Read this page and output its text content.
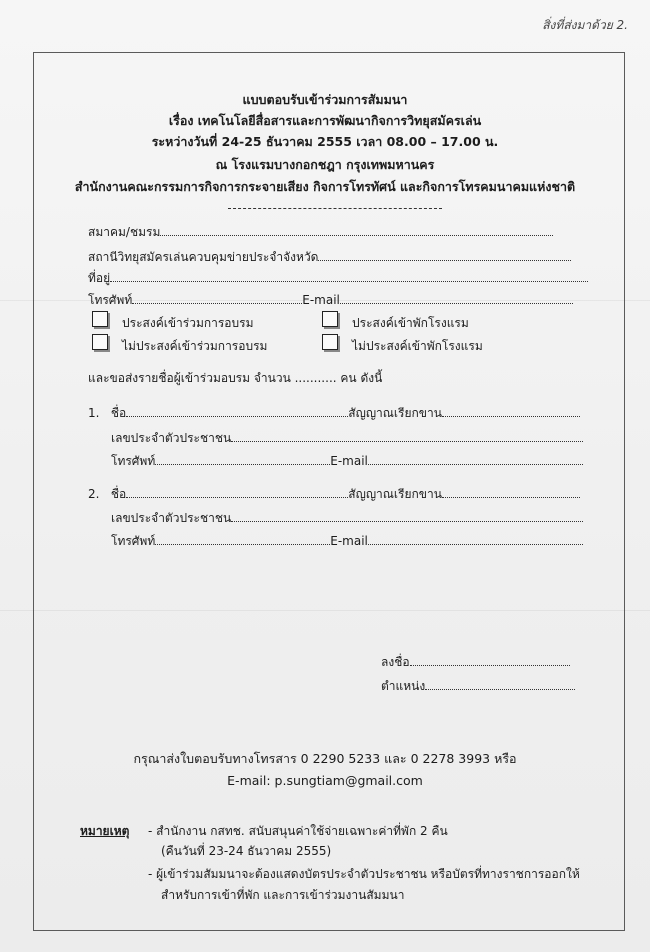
สิ่งที่ส่งมาด้วย 2.
แบบตอบรับเข้าร่วมการสัมมนา
เรื่อง เทคโนโลยีสื่อสารและการพัฒนากิจการวิทยุสมัครเล่น
ระหว่างวันที่ 24-25 ธันวาคม 2555 เวลา 08.00 – 17.00 น.
ณ โรงแรมบางกอกชฎา กรุงเทพมหานคร
สำนักงานคณะกรรมการกิจการกระจายเสียง กิจการโทรทัศน์ และกิจการโทรคมนาคมแห่งชาติ
สมาคม/ชมรม
สถานีวิทยุสมัครเล่นควบคุมข่ายประจำจังหวัด
ที่อยู่
โทรศัพท์	E-mail
ประสงค์เข้าร่วมการอบรม	ประสงค์เข้าพักโรงแรม
ไม่ประสงค์เข้าร่วมการอบรม	ไม่ประสงค์เข้าพักโรงแรม
และขอส่งรายชื่อผู้เข้าร่วมอบรม จำนวน ........... คน ดังนี้
1. ชื่อ	สัญญาณเรียกขาน
เลขประจำตัวประชาชน
โทรศัพท์	E-mail
2. ชื่อ	สัญญาณเรียกขาน
เลขประจำตัวประชาชน
โทรศัพท์	E-mail
ลงชื่อ
ตำแหน่ง
กรุณาส่งใบตอบรับทางโทรสาร 0 2290 5233 และ 0 2278 3993 หรือ
E-mail: p.sungtiam@gmail.com
หมายเหตุ - สำนักงาน กสทช. สนับสนุนค่าใช้จ่ายเฉพาะค่าที่พัก 2 คืน
(คืนวันที่ 23-24 ธันวาคม 2555)
- ผู้เข้าร่วมสัมมนาจะต้องแสดงบัตรประจำตัวประชาชน หรือบัตรที่ทางราชการออกให้
สำหรับการเข้าที่พัก และการเข้าร่วมงานสัมมนา
